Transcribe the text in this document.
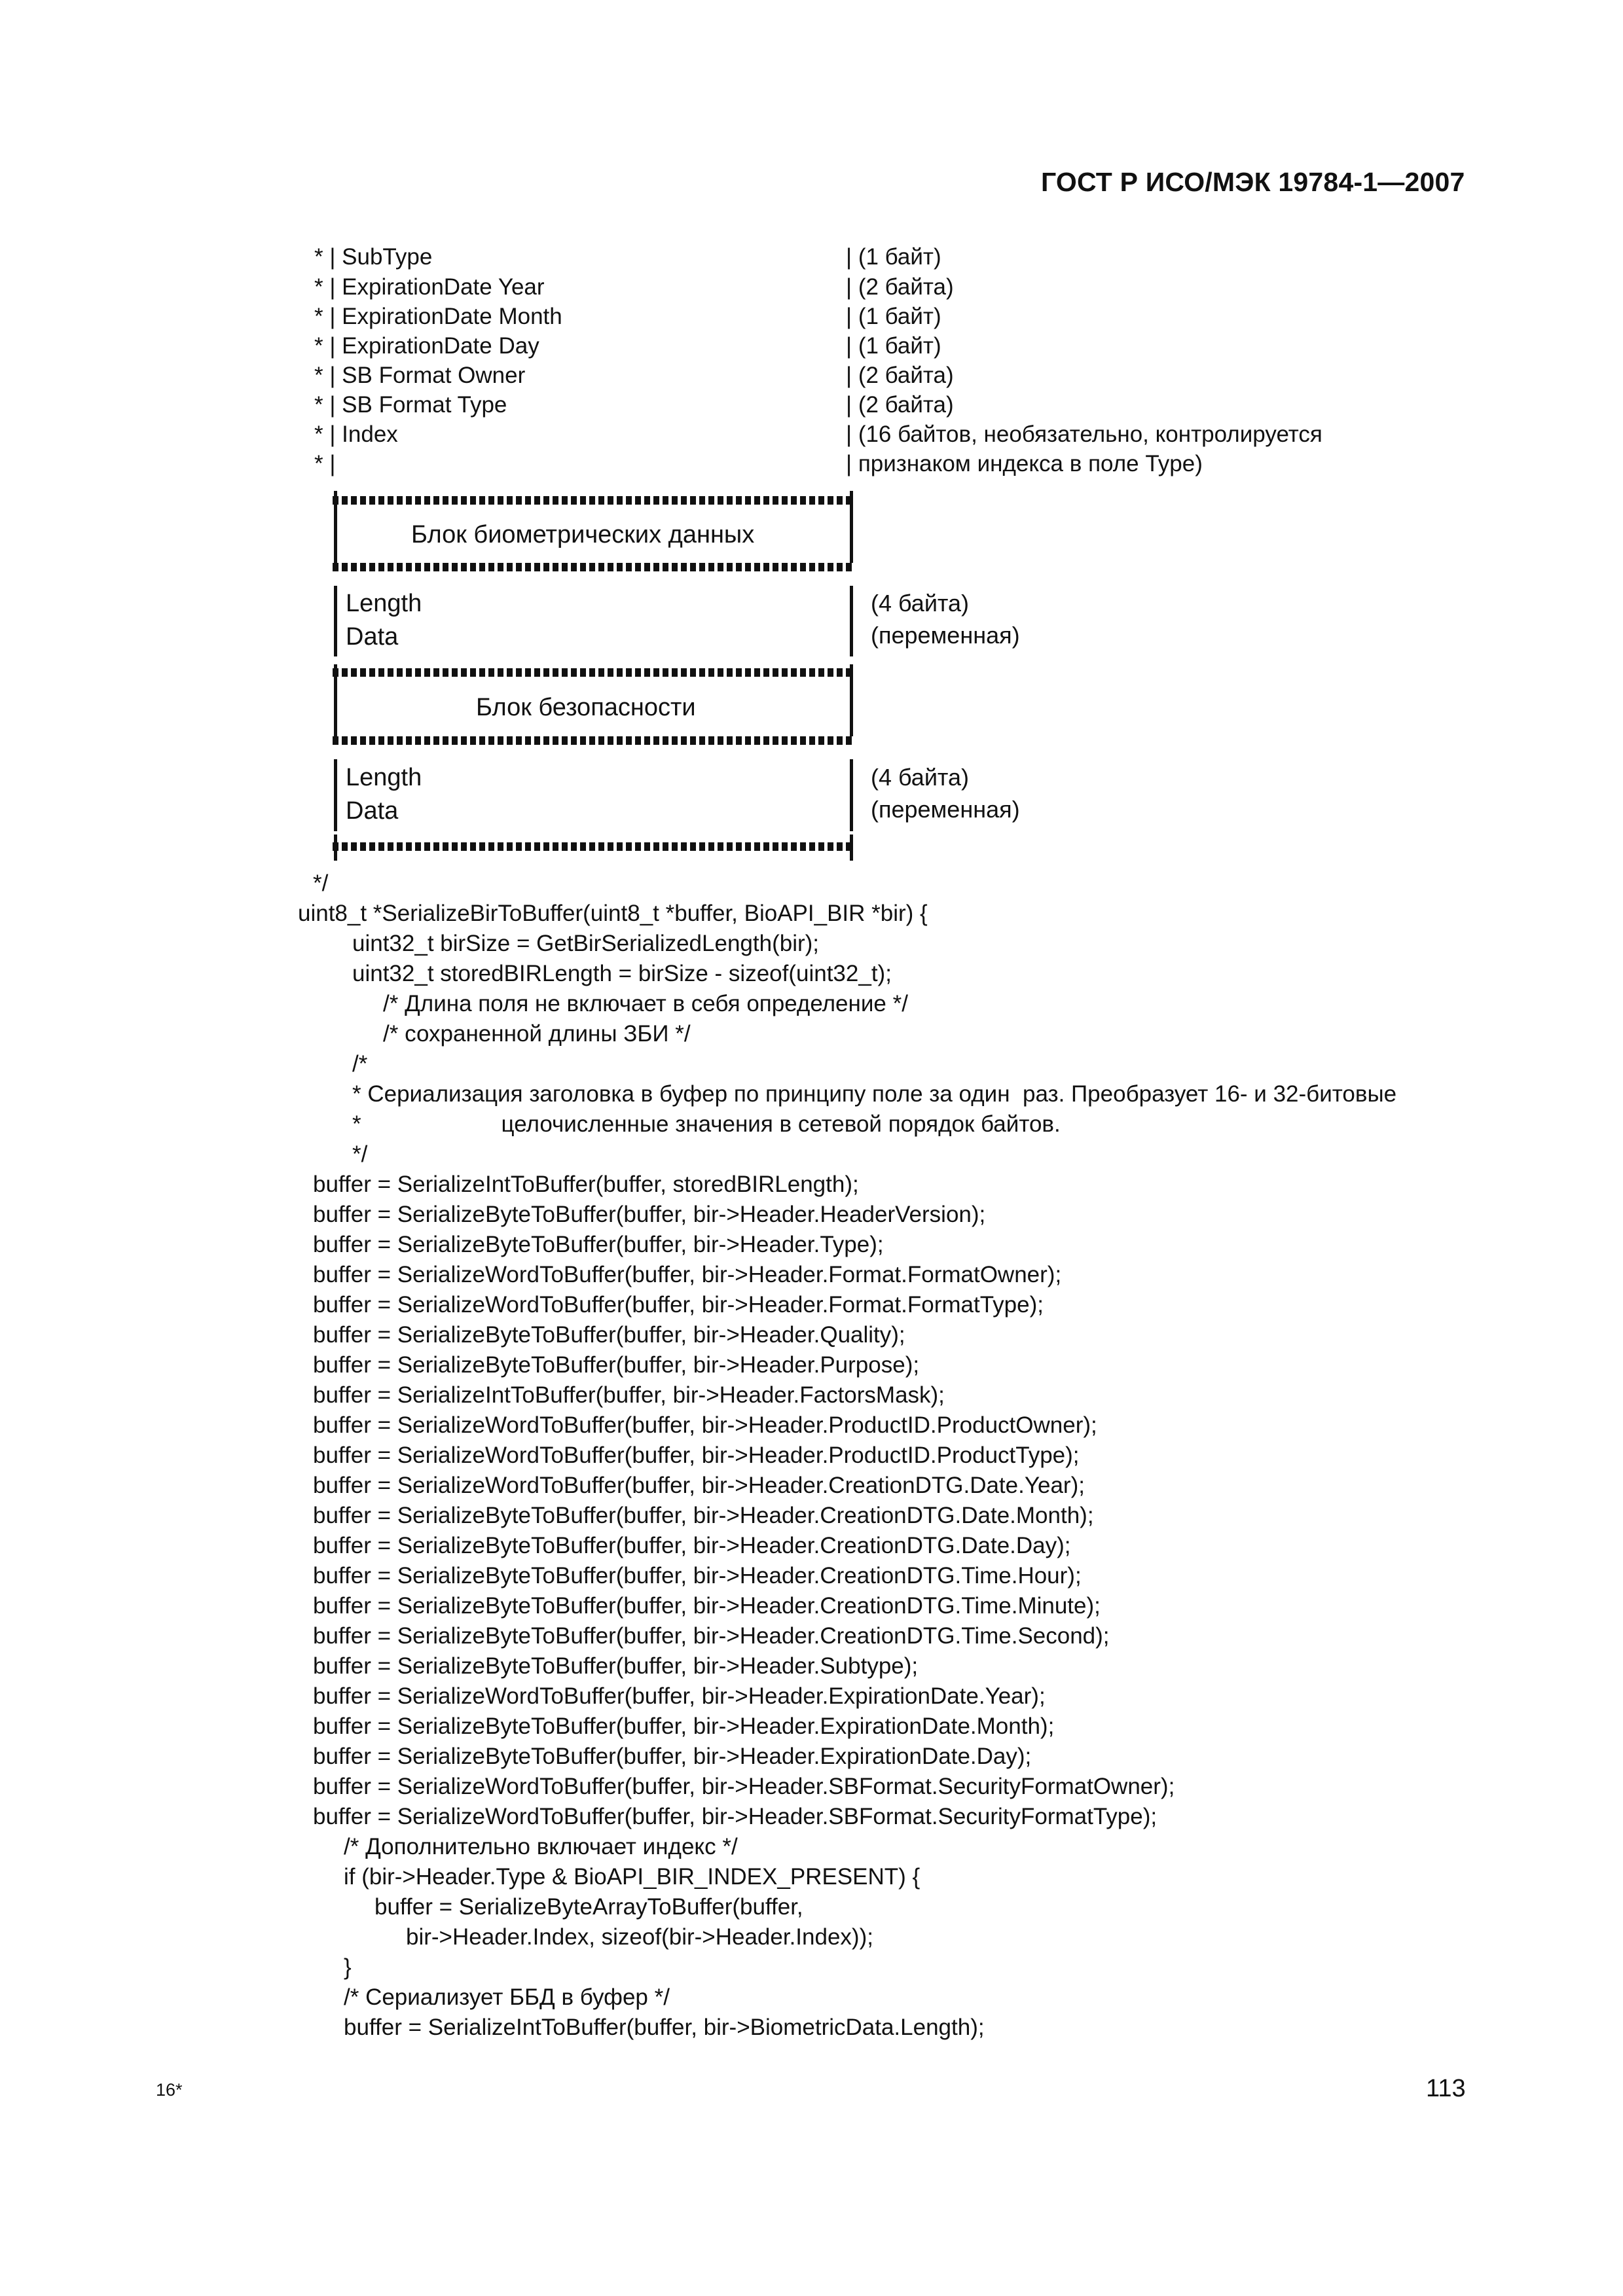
ГОСТ Р ИСО/МЭК 19784-1—2007
* | SubType	| (1 байт)
* | ExpirationDate Year	| (2 байта)
* | ExpirationDate Month	| (1 байт)
* | ExpirationDate Day	| (1 байт)
* | SB Format Owner	| (2 байта)
* | SB Format Type	| (2 байта)
* | Index	| (16 байтов, необязательно, контролируется
* |	| признаком индекса в поле Type)
Блок биометрических данных
Length	(4 байта)
Data	(переменная)
Блок безопасности
Length	(4 байта)
Data	(переменная)
*/
uint8_t *SerializeBirToBuffer(uint8_t *buffer, BioAPI_BIR *bir) {
uint32_t birSize = GetBirSerializedLength(bir);
uint32_t storedBIRLength = birSize - sizeof(uint32_t);
/* Длина поля не включает в себя определение */
/* сохраненной длины ЗБИ */
/*
* Сериализация заголовка в буфер по принципу поле за один  раз. Преобразует 16- и 32-битовые
*                      целочисленные значения в сетевой порядок байтов.
*/
buffer = SerializeIntToBuffer(buffer, storedBIRLength);
buffer = SerializeByteToBuffer(buffer, bir->Header.HeaderVersion);
buffer = SerializeByteToBuffer(buffer, bir->Header.Type);
buffer = SerializeWordToBuffer(buffer, bir->Header.Format.FormatOwner);
buffer = SerializeWordToBuffer(buffer, bir->Header.Format.FormatType);
buffer = SerializeByteToBuffer(buffer, bir->Header.Quality);
buffer = SerializeByteToBuffer(buffer, bir->Header.Purpose);
buffer = SerializeIntToBuffer(buffer, bir->Header.FactorsMask);
buffer = SerializeWordToBuffer(buffer, bir->Header.ProductID.ProductOwner);
buffer = SerializeWordToBuffer(buffer, bir->Header.ProductID.ProductType);
buffer = SerializeWordToBuffer(buffer, bir->Header.CreationDTG.Date.Year);
buffer = SerializeByteToBuffer(buffer, bir->Header.CreationDTG.Date.Month);
buffer = SerializeByteToBuffer(buffer, bir->Header.CreationDTG.Date.Day);
buffer = SerializeByteToBuffer(buffer, bir->Header.CreationDTG.Time.Hour);
buffer = SerializeByteToBuffer(buffer, bir->Header.CreationDTG.Time.Minute);
buffer = SerializeByteToBuffer(buffer, bir->Header.CreationDTG.Time.Second);
buffer = SerializeByteToBuffer(buffer, bir->Header.Subtype);
buffer = SerializeWordToBuffer(buffer, bir->Header.ExpirationDate.Year);
buffer = SerializeByteToBuffer(buffer, bir->Header.ExpirationDate.Month);
buffer = SerializeByteToBuffer(buffer, bir->Header.ExpirationDate.Day);
buffer = SerializeWordToBuffer(buffer, bir->Header.SBFormat.SecurityFormatOwner);
buffer = SerializeWordToBuffer(buffer, bir->Header.SBFormat.SecurityFormatType);
/* Дополнительно включает индекс */
if (bir->Header.Type & BioAPI_BIR_INDEX_PRESENT) {
buffer = SerializeByteArrayToBuffer(buffer,
bir->Header.Index, sizeof(bir->Header.Index));
}
/* Сериализует ББД в буфер */
buffer = SerializeIntToBuffer(buffer, bir->BiometricData.Length);
16*	113
